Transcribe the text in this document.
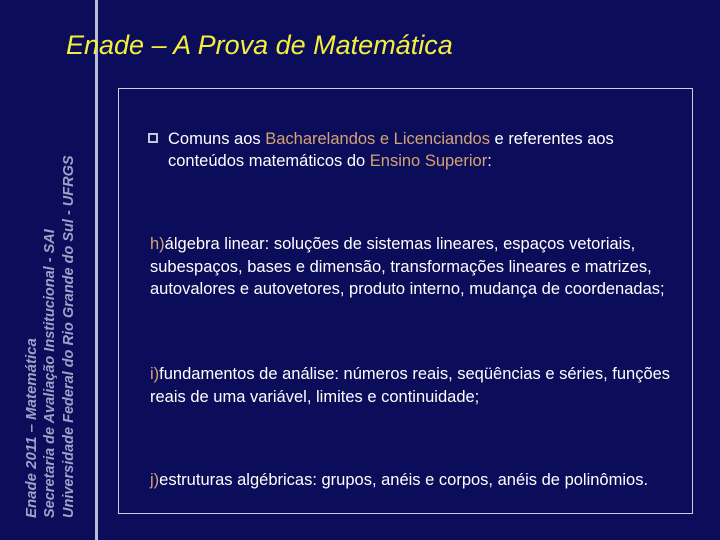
Enade 2011 – Matemática Secretaria de Avaliação Institucional - SAI Universidade Federal do Rio Grande do Sul - UFRGS
Enade – A Prova de Matemática
Comuns aos Bacharelandos e Licenciandos e referentes aos conteúdos matemáticos do Ensino Superior:
h)álgebra linear: soluções de sistemas lineares, espaços vetoriais, subespaços, bases e dimensão, transformações lineares e matrizes, autovalores e autovetores, produto interno, mudança de coordenadas;
i)fundamentos de análise: números reais, seqüências e séries, funções reais de uma variável, limites e continuidade;
j)estruturas algébricas: grupos, anéis e corpos, anéis de polinômios.
